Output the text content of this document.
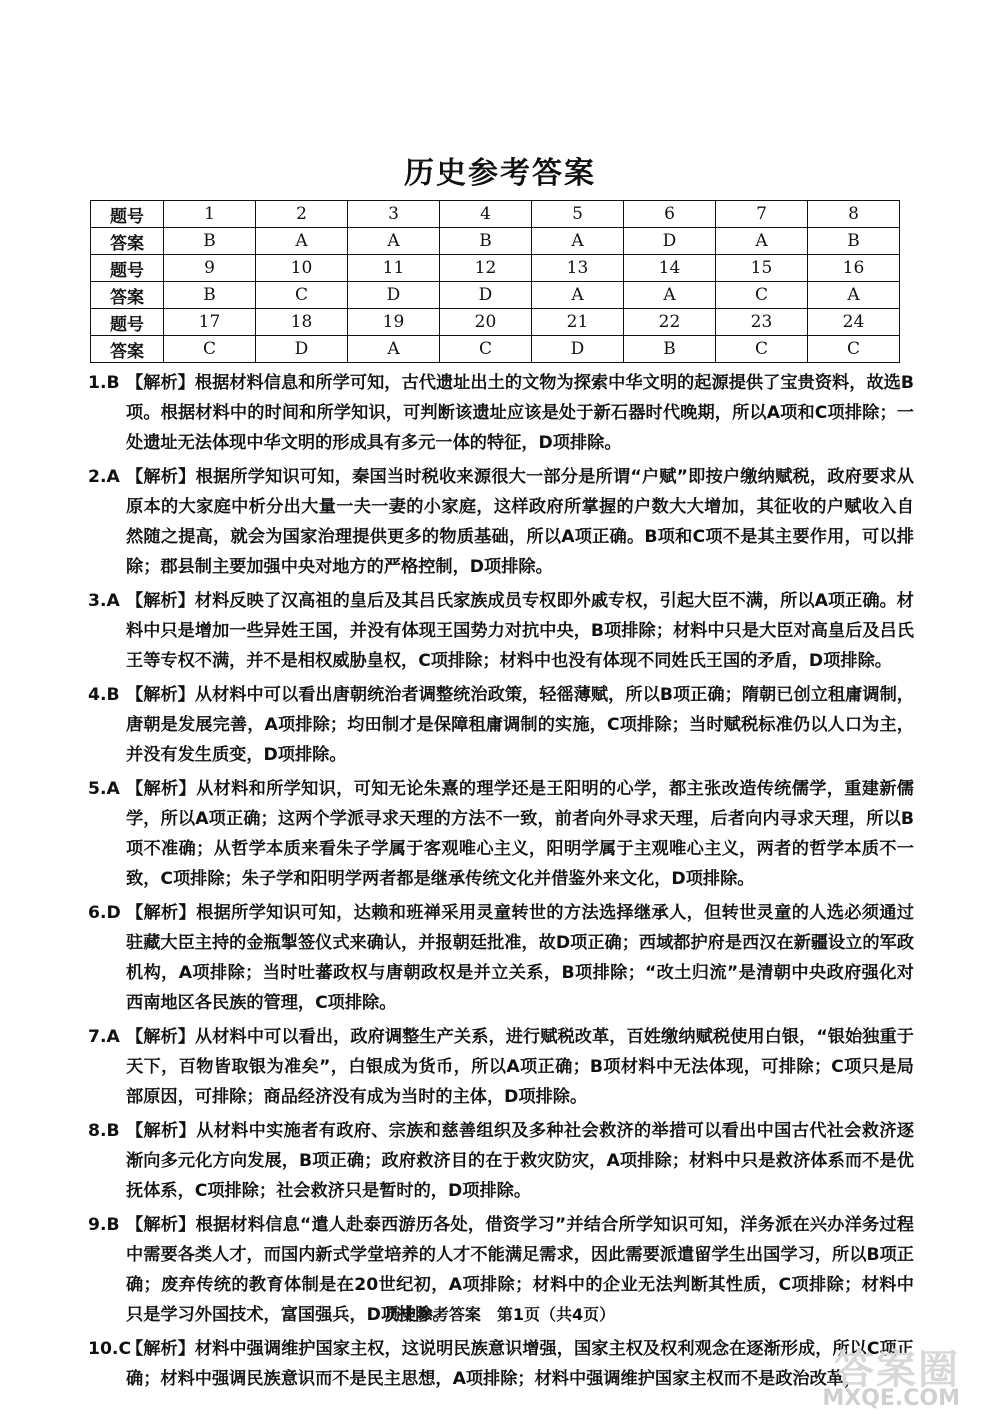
历史参考答案
题号	1	2	3	4	5	6	7	8
答案	B	A	A	B	A	D	A	B
题号	9	10	11	12	13	14	15	16
答案	B	C	D	D	A	A	C	A
题号	17	18	19	20	21	22	23	24
答案	C	D	A	C	D	B	C	C
1.B 【解析】根据材料信息和所学可知，古代遗址出土的文物为探索中华文明的起源提供了宝贵资料，故选B项。根据材料中的时间和所学知识，可判断该遗址应该是处于新石器时代晚期，所以A项和C项排除；一处遗址无法体现中华文明的形成具有多元一体的特征，D项排除。
2.A 【解析】根据所学知识可知，秦国当时税收来源很大一部分是所谓“户赋”即按户缴纳赋税，政府要求从原本的大家庭中析分出大量一夫一妻的小家庭，这样政府所掌握的户数大大增加，其征收的户赋收入自然随之提高，就会为国家治理提供更多的物质基础，所以A项正确。B项和C项不是其主要作用，可以排除；郡县制主要加强中央对地方的严格控制，D项排除。
3.A 【解析】材料反映了汉高祖的皇后及其吕氏家族成员专权即外戚专权，引起大臣不满，所以A项正确。材料中只是增加一些异姓王国，并没有体现王国势力对抗中央，B项排除；材料中只是大臣对高皇后及吕氏王等专权不满，并不是相权威胁皇权，C项排除；材料中也没有体现不同姓氏王国的矛盾，D项排除。
4.B 【解析】从材料中可以看出唐朝统治者调整统治政策，轻徭薄赋，所以B项正确；隋朝已创立租庸调制，唐朝是发展完善，A项排除；均田制才是保障租庸调制的实施，C项排除；当时赋税标准仍以人口为主，并没有发生质变，D项排除。
5.A 【解析】从材料和所学知识，可知无论朱熹的理学还是王阳明的心学，都主张改造传统儒学，重建新儒学，所以A项正确；这两个学派寻求天理的方法不一致，前者向外寻求天理，后者向内寻求天理，所以B项不准确；从哲学本质来看朱子学属于客观唯心主义，阳明学属于主观唯心主义，两者的哲学本质不一致，C项排除；朱子学和阳明学两者都是继承传统文化并借鉴外来文化，D项排除。
6.D 【解析】根据所学知识可知，达赖和班禅采用灵童转世的方法选择继承人，但转世灵童的人选必须通过驻藏大臣主持的金瓶掣签仪式来确认，并报朝廷批准，故D项正确；西域都护府是西汉在新疆设立的军政机构，A项排除；当时吐蕃政权与唐朝政权是并立关系，B项排除；“改土归流”是清朝中央政府强化对西南地区各民族的管理，C项排除。
7.A 【解析】从材料中可以看出，政府调整生产关系，进行赋税改革，百姓缴纳赋税使用白银，“银始独重于天下，百物皆取银为准矣”，白银成为货币，所以A项正确；B项材料中无法体现，可排除；C项只是局部原因，可排除；商品经济没有成为当时的主体，D项排除。
8.B 【解析】从材料中实施者有政府、宗族和慈善组织及多种社会救济的举措可以看出中国古代社会救济逐渐向多元化方向发展，B项正确；政府救济目的在于救灾防灾，A项排除；材料中只是救济体系而不是优抚体系，C项排除；社会救济只是暂时的，D项排除。
9.B 【解析】根据材料信息“遣人赴泰西游历各处，借资学习”并结合所学知识可知，洋务派在兴办洋务过程中需要各类人才，而国内新式学堂培养的人才不能满足需求，因此需要派遣留学生出国学习，所以B项正确；废弃传统的教育体制是在20世纪初，A项排除；材料中的企业无法判断其性质，C项排除；材料中只是学习外国技术，富国强兵，D项排除。
10.C
【解析】材料中强调维护国家主权，这说明民族意识增强，国家主权及权利观念在逐渐形成，所以C项正确；材料中强调民族意识而不是民主思想，A项排除；材料中强调维护国家主权而不是政治改革，
历史参考答案　第1页（共4页）
答案圈
MXQE.COM
